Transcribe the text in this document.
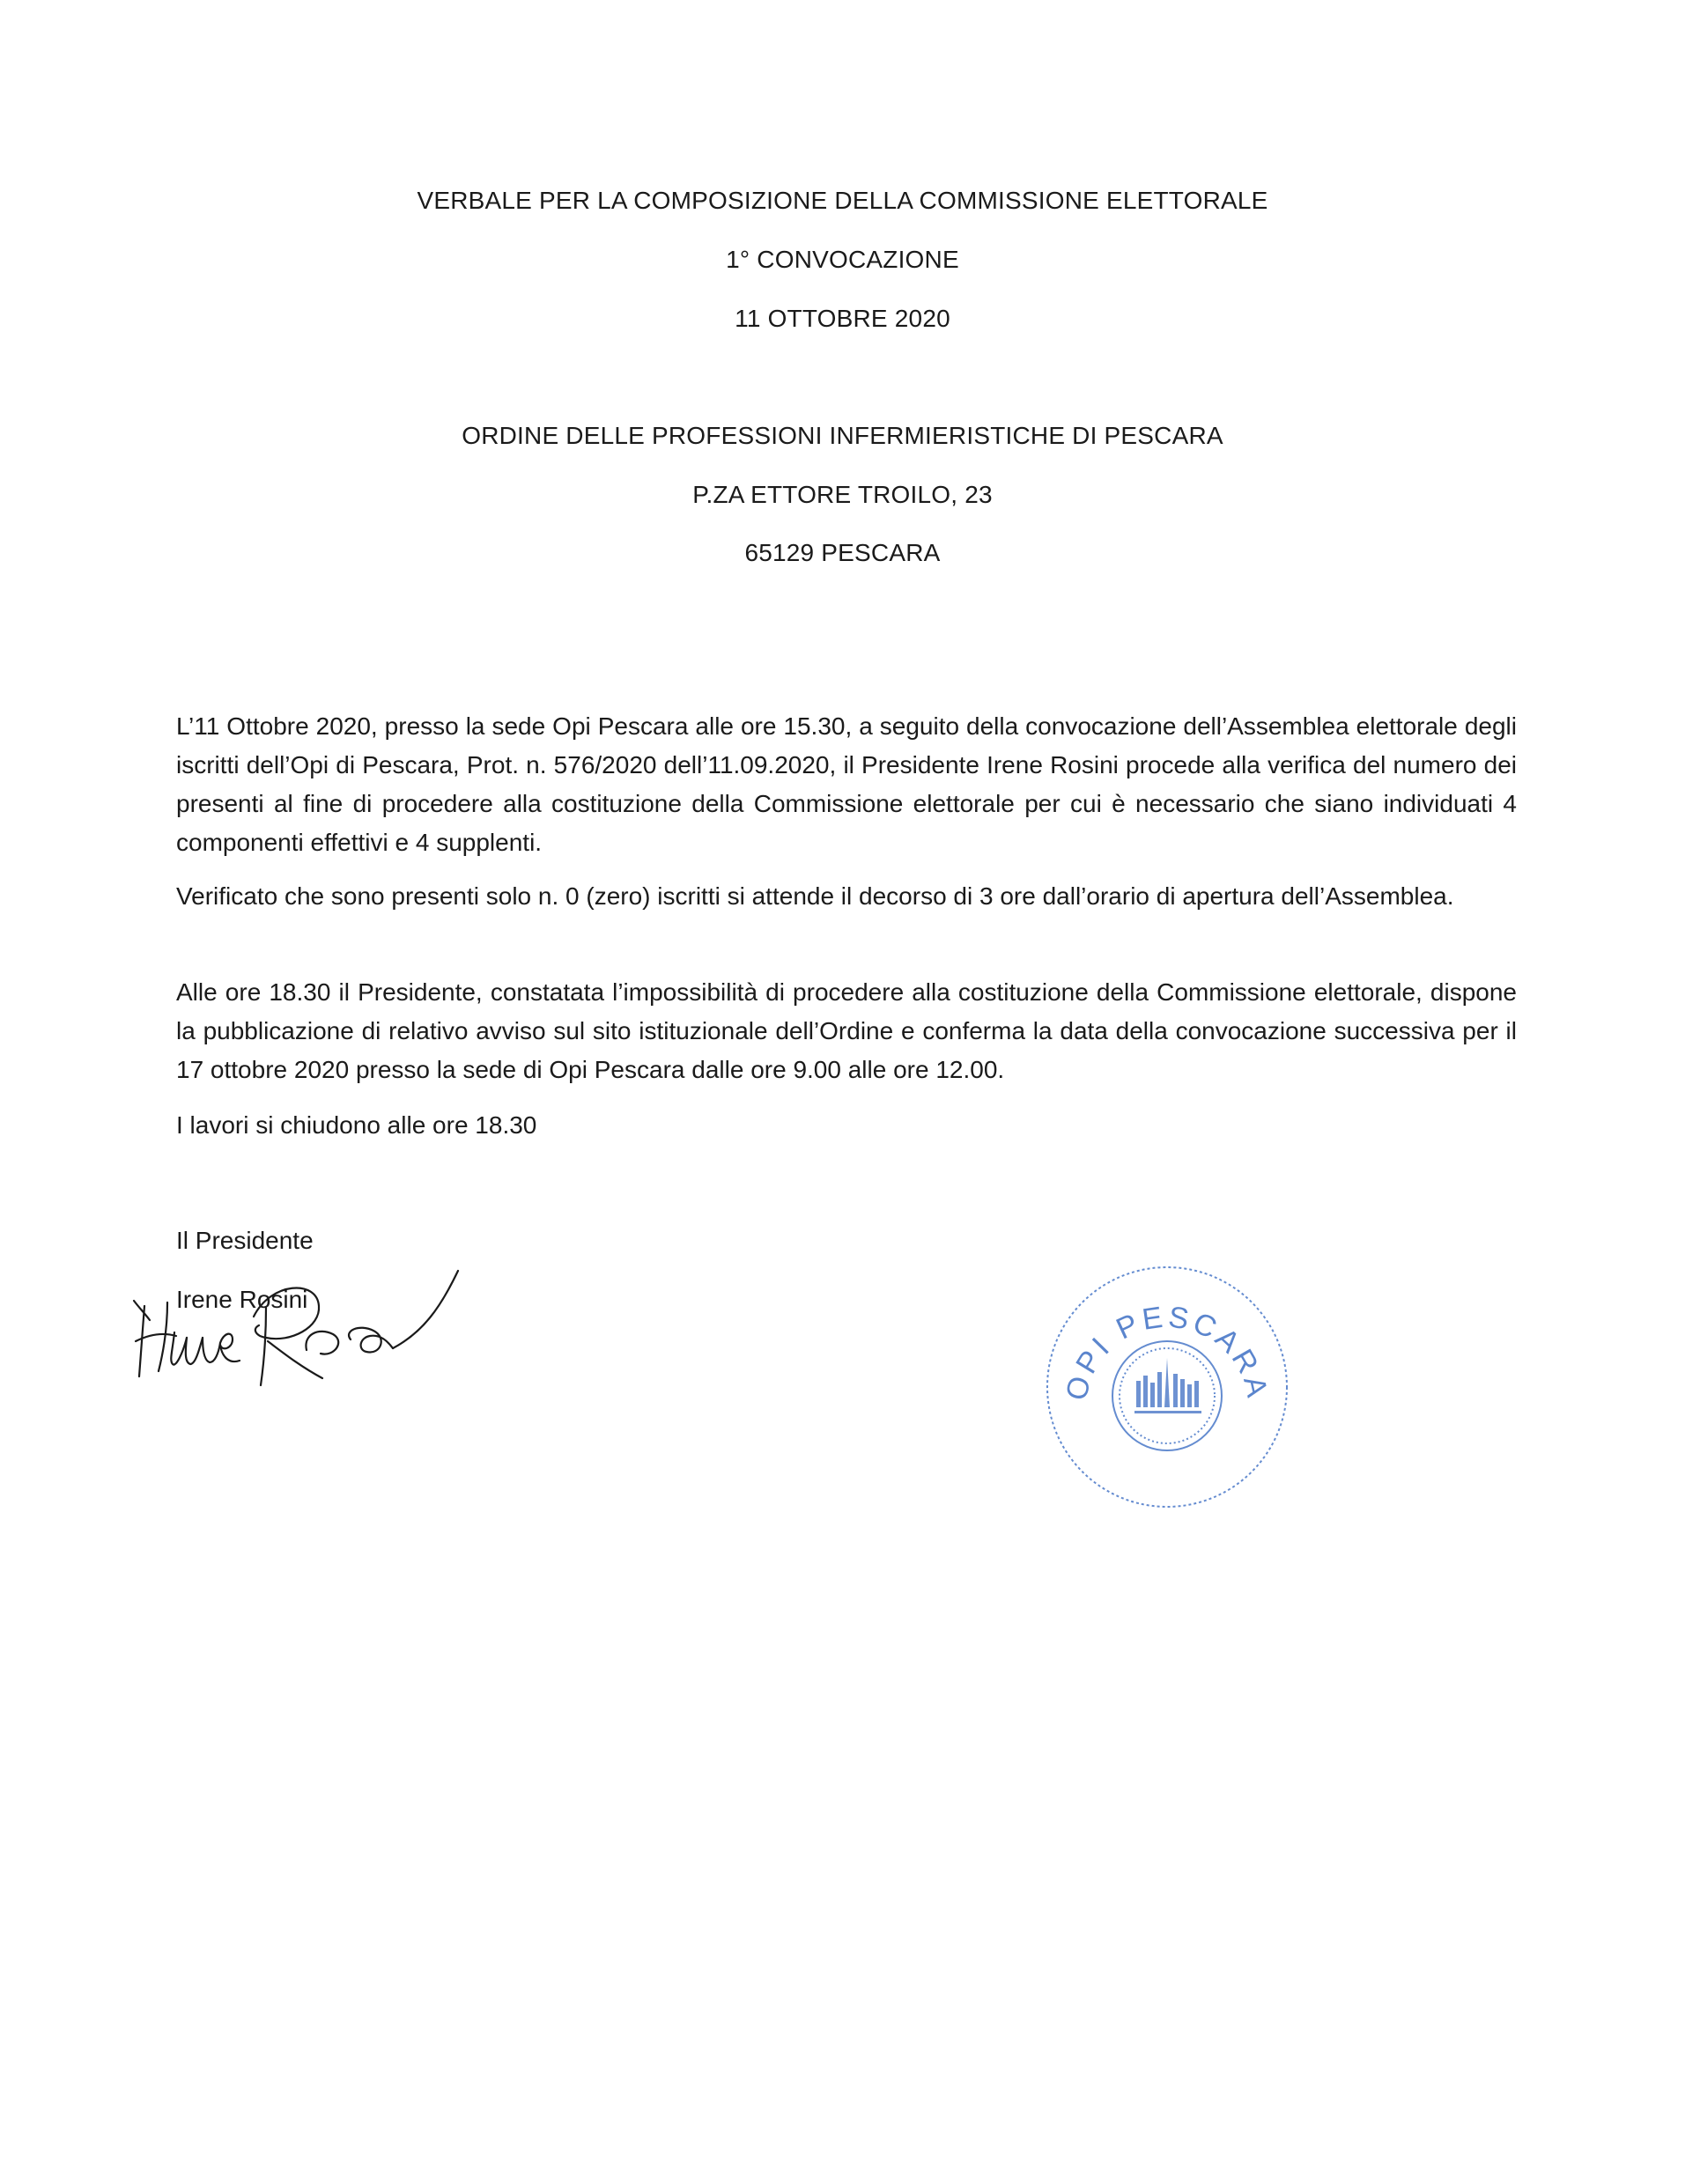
VERBALE PER LA COMPOSIZIONE DELLA COMMISSIONE ELETTORALE
1° CONVOCAZIONE
11 OTTOBRE 2020
ORDINE DELLE PROFESSIONI INFERMIERISTICHE DI PESCARA
P.ZA ETTORE TROILO, 23
65129 PESCARA
L’11 Ottobre 2020, presso la sede Opi Pescara alle ore 15.30, a seguito della convocazione dell’Assemblea elettorale degli iscritti dell’Opi di Pescara, Prot. n. 576/2020 dell’11.09.2020, il Presidente Irene Rosini procede alla verifica del numero dei presenti al fine di procedere alla costituzione della Commissione elettorale per cui è necessario che siano individuati 4 componenti effettivi e 4 supplenti.
Verificato che sono presenti solo n. 0 (zero) iscritti si attende il decorso di 3 ore dall’orario di apertura dell’Assemblea.
Alle ore 18.30 il Presidente, constatata l’impossibilità di procedere alla costituzione della Commissione elettorale, dispone la pubblicazione di relativo avviso sul sito istituzionale dell’Ordine e conferma la data della convocazione successiva per il 17 ottobre 2020 presso la sede di Opi Pescara dalle ore 9.00 alle ore 12.00.
I lavori si chiudono alle ore 18.30
Il Presidente
Irene Rosini
OPI PESCARA
